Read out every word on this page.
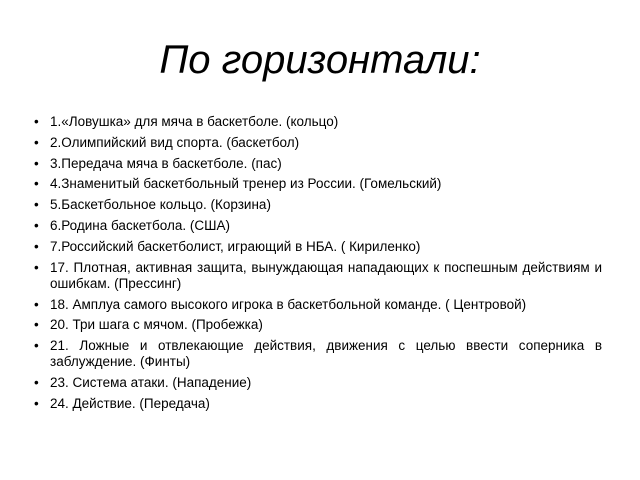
По горизонтали:
• 1.«Ловушка» для мяча в баскетболе. (кольцо)
• 2.Олимпийский вид спорта. (баскетбол)
• 3.Передача мяча в баскетболе. (пас)
• 4.Знаменитый баскетбольный тренер из России. (Гомельский)
• 5.Баскетбольное кольцо. (Корзина)
• 6.Родина баскетбола. (США)
• 7.Российский баскетболист, играющий в НБА. ( Кириленко)
• 17. Плотная, активная защита, вынуждающая нападающих к поспешным действиям и ошибкам. (Прессинг)
• 18. Амплуа самого высокого игрока в баскетбольной команде. ( Центровой)
• 20. Три шага с мячом. (Пробежка)
• 21. Ложные и отвлекающие действия, движения с целью ввести соперника в заблуждение. (Финты)
• 23. Система атаки. (Нападение)
• 24. Действие. (Передача)
